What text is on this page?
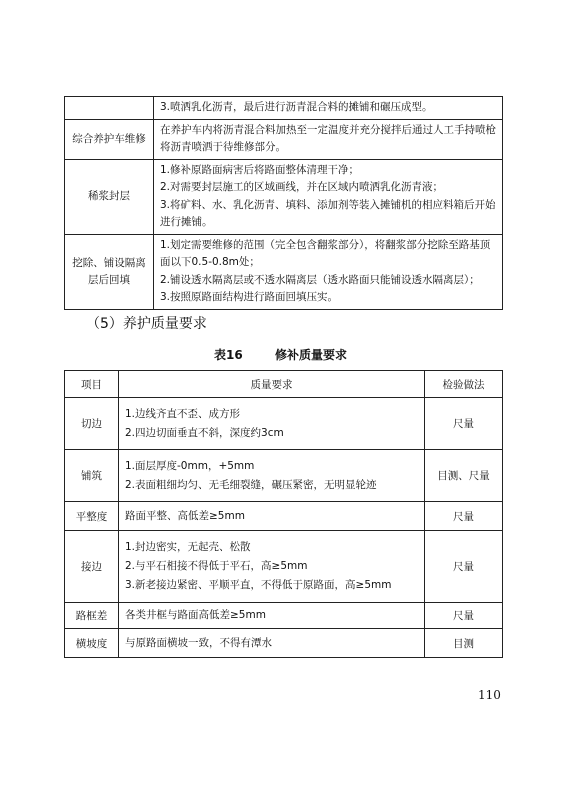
	3.喷洒乳化沥青，最后进行沥青混合料的摊铺和碾压成型。

综合养护车维修	在养护车内将沥青混合料加热至一定温度并充分搅拌后通过人工手持喷枪将沥青喷洒于待维修部分。

稀浆封层	1.修补原路面病害后将路面整体清理干净；
2.对需要封层施工的区域画线，并在区域内喷洒乳化沥青液；
3.将矿料、水、乳化沥青、填料、添加剂等装入摊铺机的相应料箱后开始进行摊铺。

挖除、铺设隔离层后回填	1.划定需要维修的范围（完全包含翻浆部分），将翻浆部分挖除至路基顶面以下0.5-0.8m处；
2.铺设透水隔离层或不透水隔离层（透水路面只能铺设透水隔离层）；
3.按照原路面结构进行路面回填压实。
（5）养护质量要求
表16	修补质量要求
项目	质量要求	检验做法
切边	1.边线齐直不歪、成方形
2.四边切面垂直不斜，深度约3cm	尺量
铺筑	1.面层厚度-0mm，+5mm
2.表面粗细均匀、无毛细裂缝，碾压紧密，无明显轮迹	目测、尺量
平整度	路面平整、高低差≥5mm	尺量
接边	1.封边密实，无起壳、松散
2.与平石相接不得低于平石，高≥5mm
3.新老接边紧密、平顺平直，不得低于原路面，高≥5mm	尺量
路框差	各类井框与路面高低差≥5mm	尺量
横坡度	与原路面横坡一致，不得有潭水	目测
110
